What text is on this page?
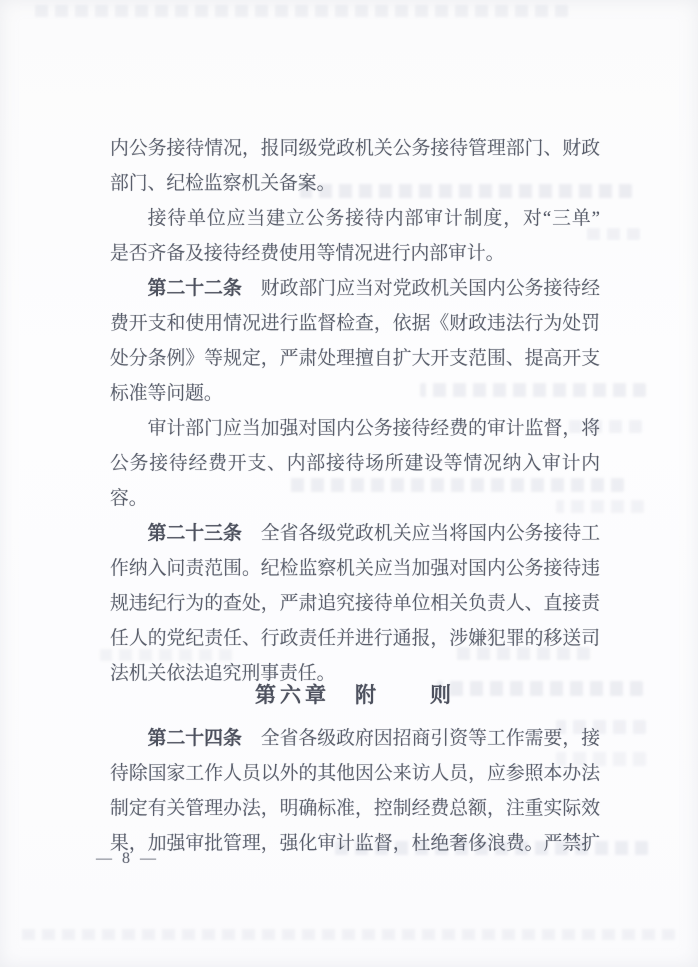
内公务接待情况，报同级党政机关公务接待管理部门、财政
部门、纪检监察机关备案。
接待单位应当建立公务接待内部审计制度，对“三单”
是否齐备及接待经费使用等情况进行内部审计。
第二十二条　财政部门应当对党政机关国内公务接待经
费开支和使用情况进行监督检查，依据《财政违法行为处罚
处分条例》等规定，严肃处理擅自扩大开支范围、提高开支
标准等问题。
审计部门应当加强对国内公务接待经费的审计监督，将
公务接待经费开支、内部接待场所建设等情况纳入审计内
容。
第二十三条　全省各级党政机关应当将国内公务接待工
作纳入问责范围。纪检监察机关应当加强对国内公务接待违
规违纪行为的查处，严肃追究接待单位相关负责人、直接责
任人的党纪责任、行政责任并进行通报，涉嫌犯罪的移送司
法机关依法追究刑事责任。
第六章　附　　则
第二十四条　全省各级政府因招商引资等工作需要，接
待除国家工作人员以外的其他因公来访人员，应参照本办法
制定有关管理办法，明确标准，控制经费总额，注重实际效
果，加强审批管理，强化审计监督，杜绝奢侈浪费。严禁扩
— 8 —
